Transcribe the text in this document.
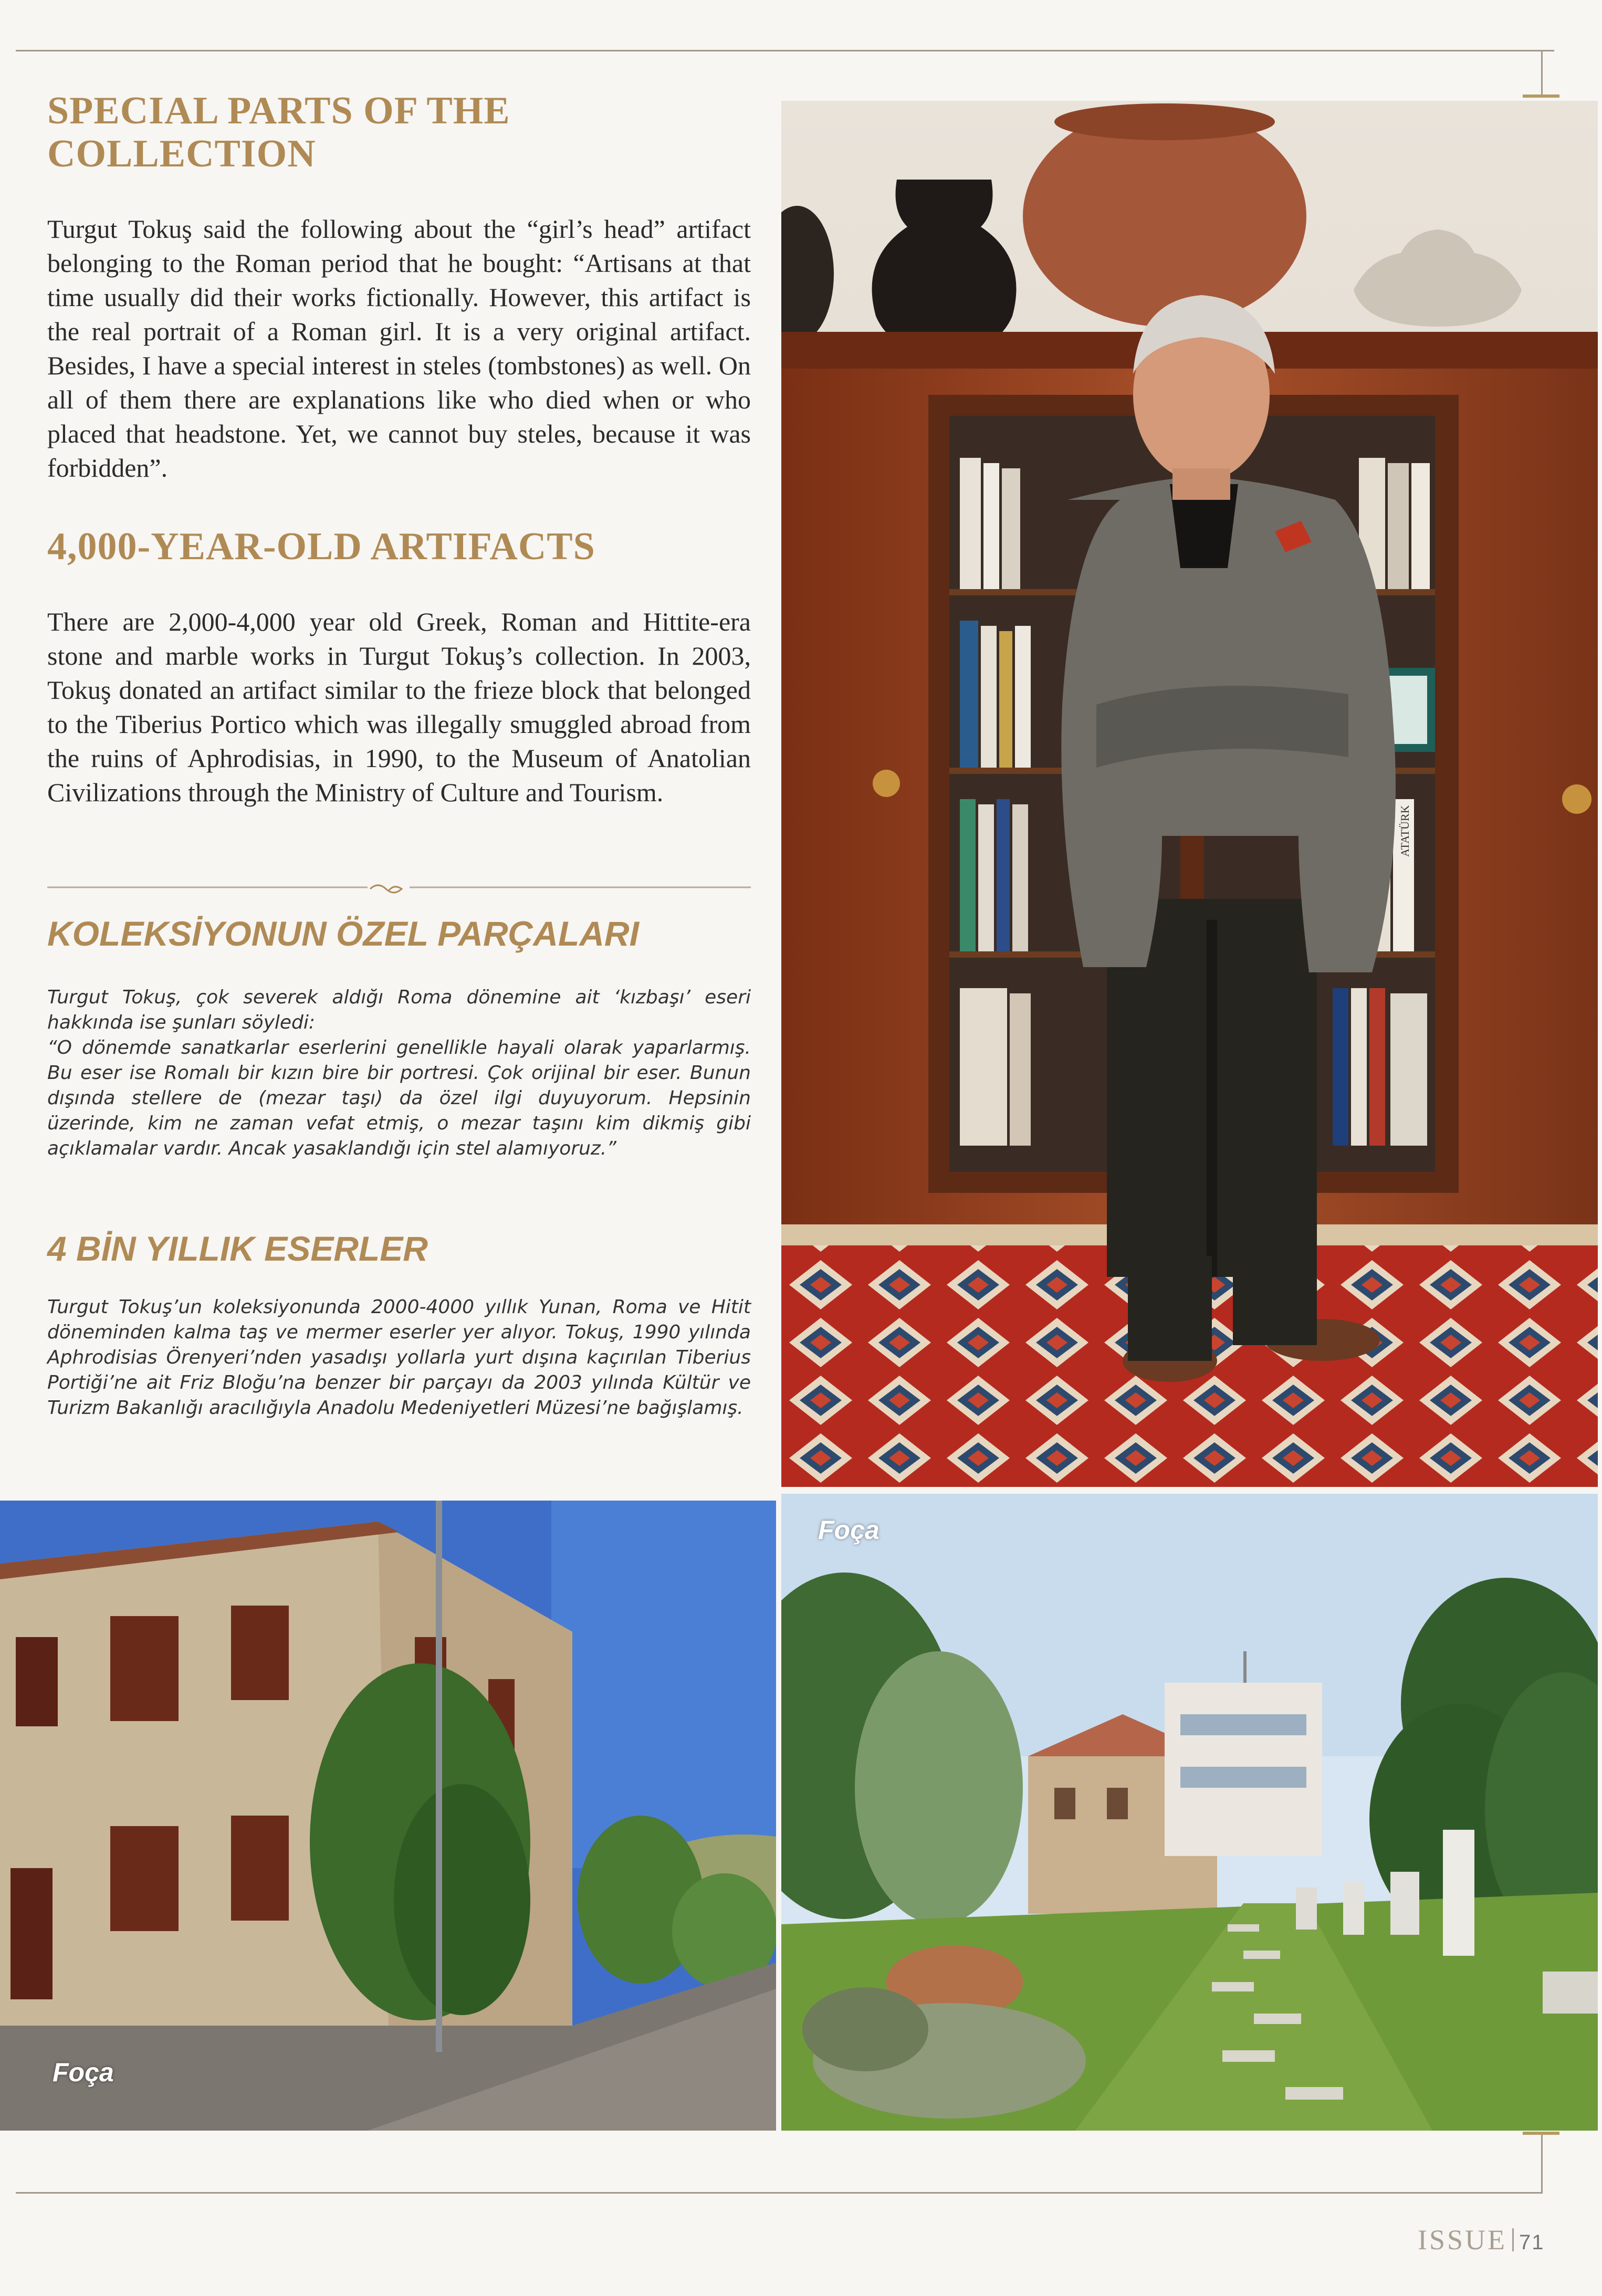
SPECIAL PARTS OF THE
COLLECTION

Turgut Tokuş said the following about the “girl’s head” artifact belonging to the Roman period that he bought: “Artisans at that time usually did their works fictionally. However, this artifact is the real portrait of a Roman girl. It is a very original artifact. Besides, I have a special interest in steles (tombstones) as well. On all of them there are explanations like who died when or who placed that headstone. Yet, we cannot buy steles, because it was forbidden”.

4,000-YEAR-OLD ARTIFACTS

There are 2,000-4,000 year old Greek, Roman and Hittite-era stone and marble works in Turgut Tokuş’s collection. In 2003, Tokuş donated an artifact similar to the frieze block that belonged to the Tiberius Portico which was illegally smuggled abroad from the ruins of Aphrodisias, in 1990, to the Museum of Anatolian Civilizations through the Ministry of Culture and Tourism.

KOLEKSİYONUN ÖZEL PARÇALARI

Turgut Tokuş, çok severek aldığı Roma dönemine ait ‘kızbaşı’ eseri hakkında ise şunları söyledi:

“O dönemde sanatkarlar eserlerini genellikle hayali olarak yaparlarmış. Bu eser ise Romalı bir kızın bire bir portresi. Çok orijinal bir eser. Bunun dışında stellere de (mezar taşı) da özel ilgi duyuyorum. Hepsinin üzerinde, kim ne zaman vefat etmiş, o mezar taşını kim dikmiş gibi açıklamalar vardır. Ancak yasaklandığı için stel alamıyoruz.”

4 BİN YILLIK ESERLER

Turgut Tokuş’un koleksiyonunda 2000-4000 yıllık Yunan, Roma ve Hitit döneminden kalma taş ve mermer eserler yer alıyor. Tokuş, 1990 yılında Aphrodisias Örenyeri’nden yasadışı yollarla yurt dışına kaçırılan Tiberius Portiği’ne ait Friz Bloğu’na benzer bir parçayı da 2003 yılında Kültür ve Turizm Bakanlığı aracılığıyla Anadolu Medeniyetleri Müzesi’ne bağışlamış.

ATATÜRK
Foça
Foça
ISSUE 71
